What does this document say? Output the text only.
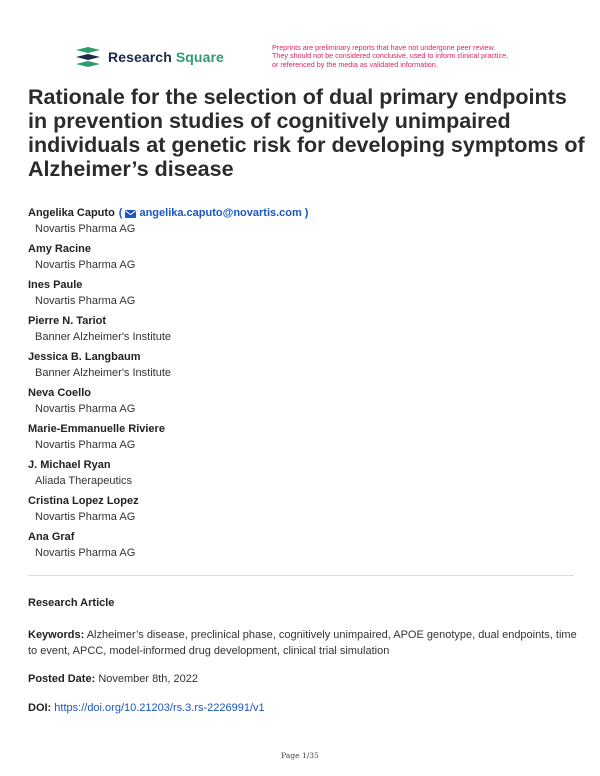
Research Square
Preprints are preliminary reports that have not undergone peer review.
They should not be considered conclusive, used to inform clinical practice,
or referenced by the media as validated information.
Rationale for the selection of dual primary endpoints in prevention studies of cognitively unimpaired individuals at genetic risk for developing symptoms of Alzheimer’s disease
Angelika Caputo ( angelika.caputo@novartis.com )
Novartis Pharma AG
Amy Racine
Novartis Pharma AG
Ines Paule
Novartis Pharma AG
Pierre N. Tariot
Banner Alzheimer's Institute
Jessica B. Langbaum
Banner Alzheimer's Institute
Neva Coello
Novartis Pharma AG
Marie-Emmanuelle Riviere
Novartis Pharma AG
J. Michael Ryan
Aliada Therapeutics
Cristina Lopez Lopez
Novartis Pharma AG
Ana Graf
Novartis Pharma AG
Research Article
Keywords: Alzheimer’s disease, preclinical phase, cognitively unimpaired, APOE genotype, dual endpoints, time to event, APCC, model-informed drug development, clinical trial simulation
Posted Date: November 8th, 2022
DOI: https://doi.org/10.21203/rs.3.rs-2226991/v1
Page 1/35
